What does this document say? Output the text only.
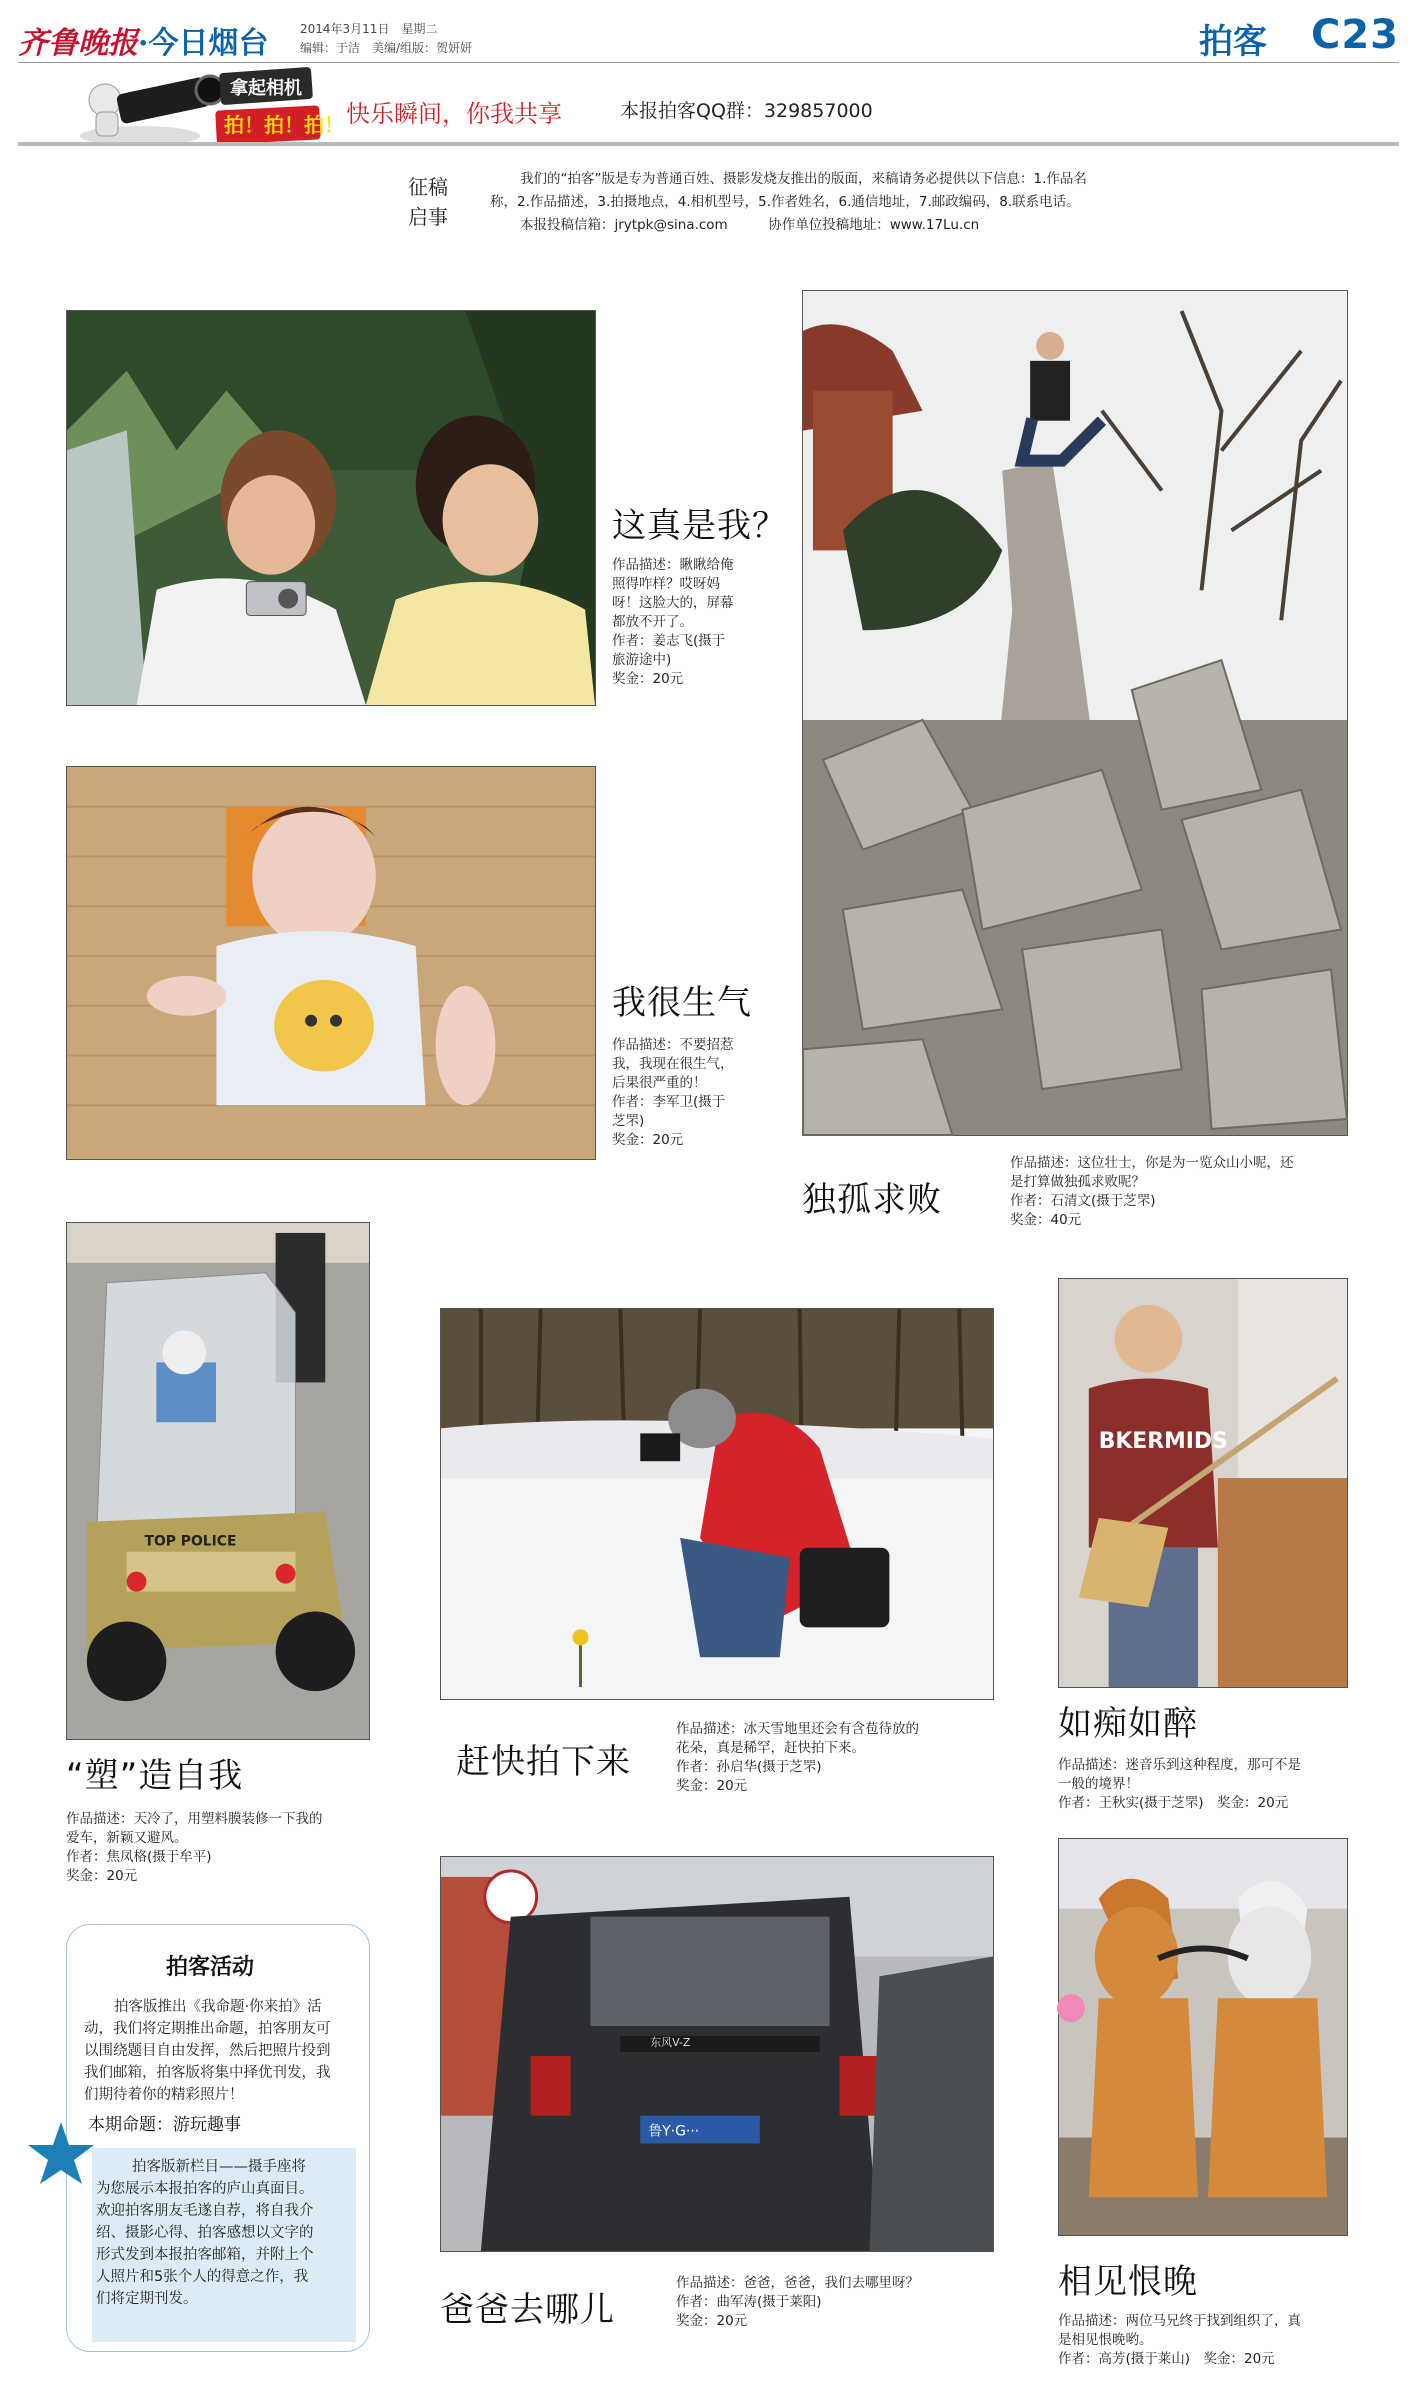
齐鲁晚报·今日烟台	2014年3月11日　星期二
编辑：于洁　美编/组版：贺妍妍	拍客 C23
拿起相机
拍！拍！拍！ 快乐瞬间，你我共享	本报拍客QQ群：329857000
征稿
启事
我们的“拍客”版是专为普通百姓、摄影发烧友推出的版面，来稿请务必提供以下信息：1.作品名
称，2.作品描述，3.拍摄地点，4.相机型号，5.作者姓名，6.通信地址，7.邮政编码，8.联系电话。
本报投稿信箱：jrytpk@sina.com　　　协作单位投稿地址：www.17Lu.cn
这真是我？
作品描述：瞅瞅给俺
照得咋样？哎呀妈
呀！这脸大的，屏幕
都放不开了。
作者：姜志飞(摄于
旅游途中)
奖金：20元
我很生气
作品描述：不要招惹
我，我现在很生气，
后果很严重的！
作者：李军卫(摄于
芝罘)
奖金：20元
独孤求败
作品描述：这位壮士，你是为一览众山小呢，还
是打算做独孤求败呢？
作者：石清文(摄于芝罘)
奖金：40元
TOP POLICE
“塑”造自我
作品描述：天冷了，用塑料膜装修一下我的
爱车，新颖又避风。
作者：焦凤格(摄于牟平)
奖金：20元
赶快拍下来
作品描述：冰天雪地里还会有含苞待放的
花朵，真是稀罕，赶快拍下来。
作者：孙启华(摄于芝罘)
奖金：20元
BKERMIDS
如痴如醉
作品描述：迷音乐到这种程度，那可不是
一般的境界！
作者：王秋实(摄于芝罘)　奖金：20元
东风V-Z
鲁Y·G···
爸爸去哪儿
作品描述：爸爸，爸爸，我们去哪里呀？
作者：曲军涛(摄于莱阳)
奖金：20元
相见恨晚
作品描述：两位马兄终于找到组织了，真
是相见恨晚哟。
作者：高芳(摄于莱山)　奖金：20元
拍客活动
拍客版推出《我命题·你来拍》活
动，我们将定期推出命题，拍客朋友可
以围绕题目自由发挥，然后把照片投到
我们邮箱，拍客版将集中择优刊发，我
们期待着你的精彩照片！
本期命题：游玩趣事
拍客版新栏目——摄手座将
为您展示本报拍客的庐山真面目。
欢迎拍客朋友毛遂自荐，将自我介
绍、摄影心得、拍客感想以文字的
形式发到本报拍客邮箱，并附上个
人照片和5张个人的得意之作，我
们将定期刊发。
